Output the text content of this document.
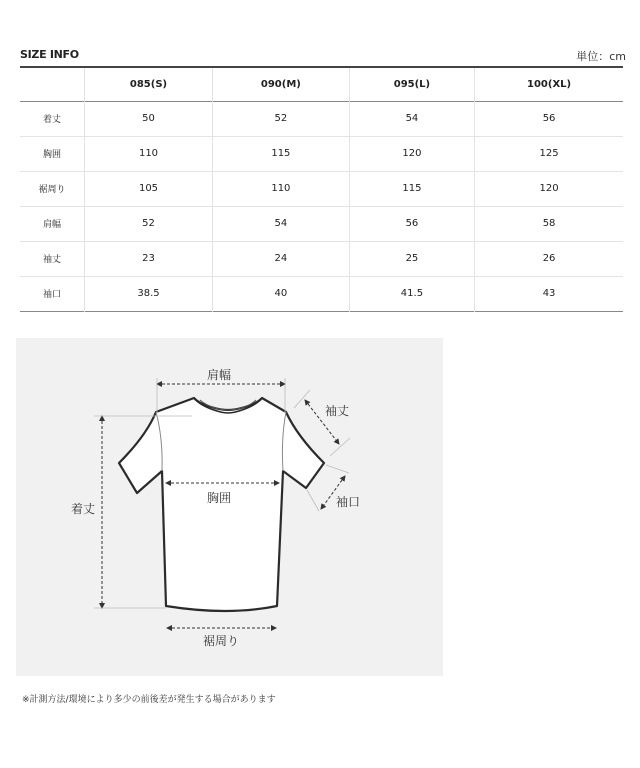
SIZE INFO	単位：cm
	085(S)	090(M)	095(L)	100(XL)
着丈	50	52	54	56
胸囲	110	115	120	125
裾周り	105	110	115	120
肩幅	52	54	56	58
袖丈	23	24	25	26
袖口	38.5	40	41.5	43
肩幅
袖丈
胸囲	袖口
着丈
裾周り
※計測方法/環境により多少の前後差が発生する場合があります
